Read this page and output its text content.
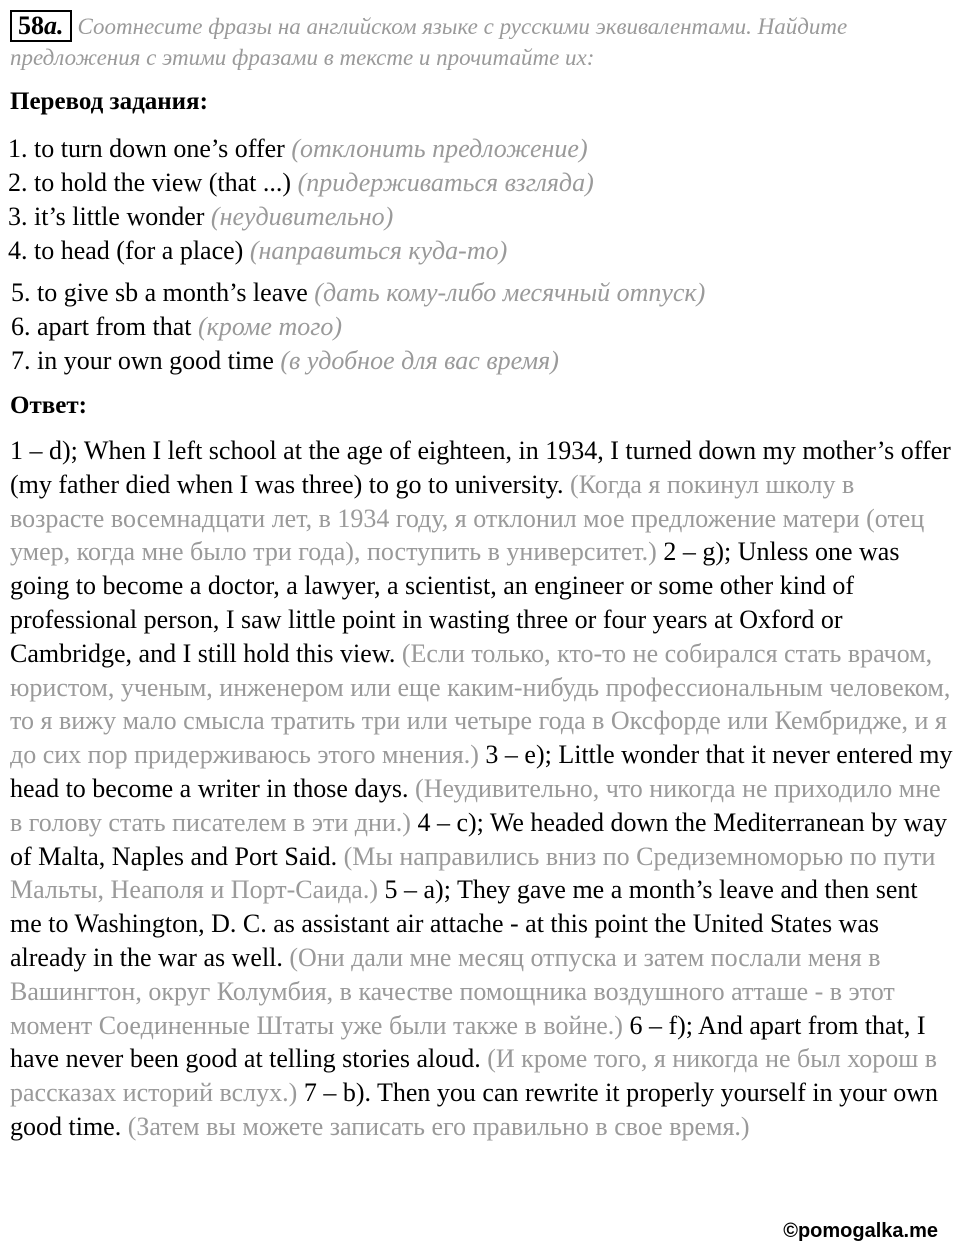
58a. Соотнесите фразы на английском языке с русскими эквивалентами. Найдите предложения с этими фразами в тексте и прочитайте их:
Перевод задания:
1. to turn down one’s offer (отклонить предложение)
2. to hold the view (that ...) (придерживаться взгляда)
3. it’s little wonder (неудивительно)
4. to head (for a place) (направиться куда-то)
5. to give sb a month’s leave (дать кому-либо месячный отпуск)
6. apart from that (кроме того)
7. in your own good time (в удобное для вас время)
Ответ:
1 – d); When I left school at the age of eighteen, in 1934, I turned down my mother’s offer (my father died when I was three) to go to university. (Когда я покинул школу в возрасте восемнадцати лет, в 1934 году, я отклонил мое предложение матери (отец умер, когда мне было три года), поступить в университет.) 2 – g); Unless one was going to become a doctor, a lawyer, a scientist, an engineer or some other kind of professional person, I saw little point in wasting three or four years at Oxford or Cambridge, and I still hold this view. (Если только, кто-то не собирался стать врачом, юристом, ученым, инженером или еще каким-нибудь профессиональным человеком, то я вижу мало смысла тратить три или четыре года в Оксфорде или Кембридже, и я до сих пор придерживаюсь этого мнения.) 3 – e); Little wonder that it never entered my head to become a writer in those days. (Неудивительно, что никогда не приходило мне в голову стать писателем в эти дни.) 4 – c); We headed down the Mediterranean by way of Malta, Naples and Port Said. (Мы направились вниз по Средиземноморью по пути Мальты, Неаполя и Порт-Саида.) 5 – a); They gave me a month’s leave and then sent me to Washington, D. C. as assistant air attache - at this point the United States was already in the war as well. (Они дали мне месяц отпуска и затем послали меня в Вашингтон, округ Колумбия, в качестве помощника воздушного атташе - в этот момент Соединенные Штаты уже были также в войне.) 6 – f); And apart from that, I have never been good at telling stories aloud. (И кроме того, я никогда не был хорош в рассказах историй вслух.) 7 – b). Then you can rewrite it properly yourself in your own good time. (Затем вы можете записать его правильно в свое время.)
©pomogalka.me
